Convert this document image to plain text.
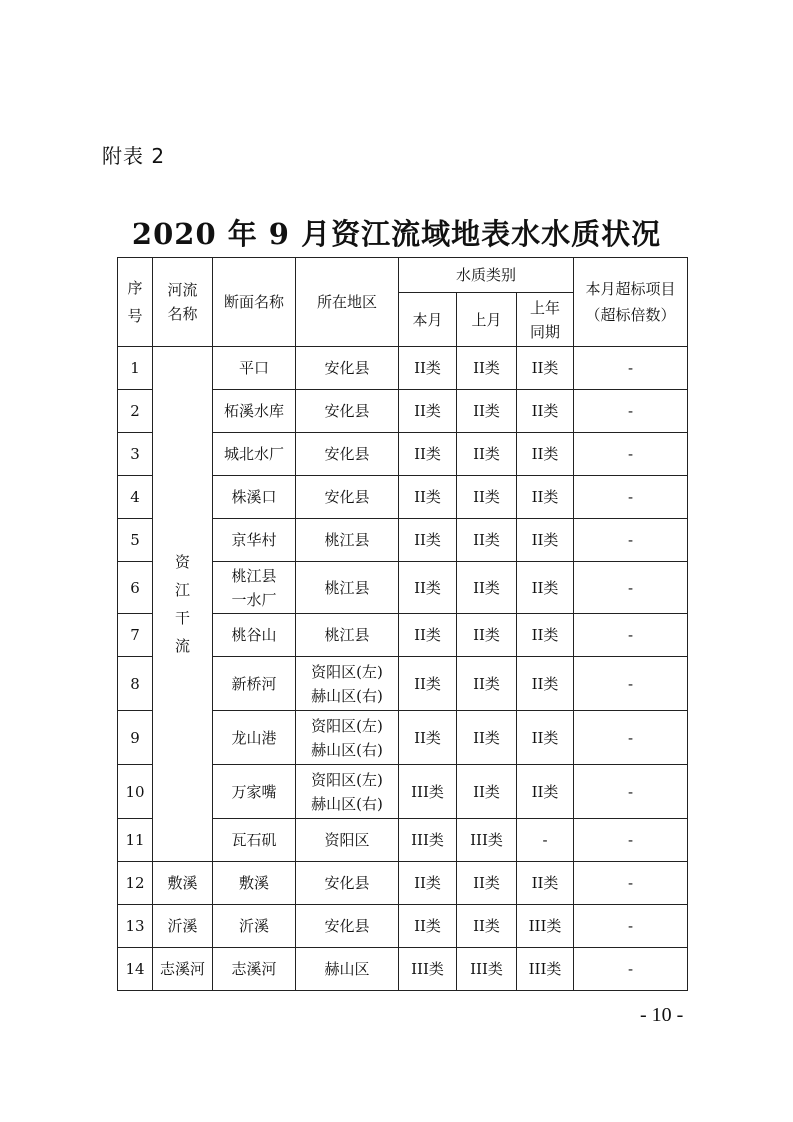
附表 2
2020 年 9 月资江流域地表水水质状况
序号	河流名称	断面名称	所在地区	水质类别			本月超标项目（超标倍数）
				本月	上月	上年同期	
1	资江干流	平口	安化县	II类	II类	II类	-
2		柘溪水库	安化县	II类	II类	II类	-
3		城北水厂	安化县	II类	II类	II类	-
4		株溪口	安化县	II类	II类	II类	-
5		京华村	桃江县	II类	II类	II类	-
6		桃江县一水厂	桃江县	II类	II类	II类	-
7		桃谷山	桃江县	II类	II类	II类	-
8		新桥河	资阳区(左)
赫山区(右)	II类	II类	II类	-
9		龙山港	资阳区(左)
赫山区(右)	II类	II类	II类	-
10		万家嘴	资阳区(左)
赫山区(右)	III类	II类	II类	-
11		瓦石矶	资阳区	III类	III类	-	-
12	敷溪	敷溪	安化县	II类	II类	II类	-
13	沂溪	沂溪	安化县	II类	II类	III类	-
14	志溪河	志溪河	赫山区	III类	III类	III类	-
- 10 -
